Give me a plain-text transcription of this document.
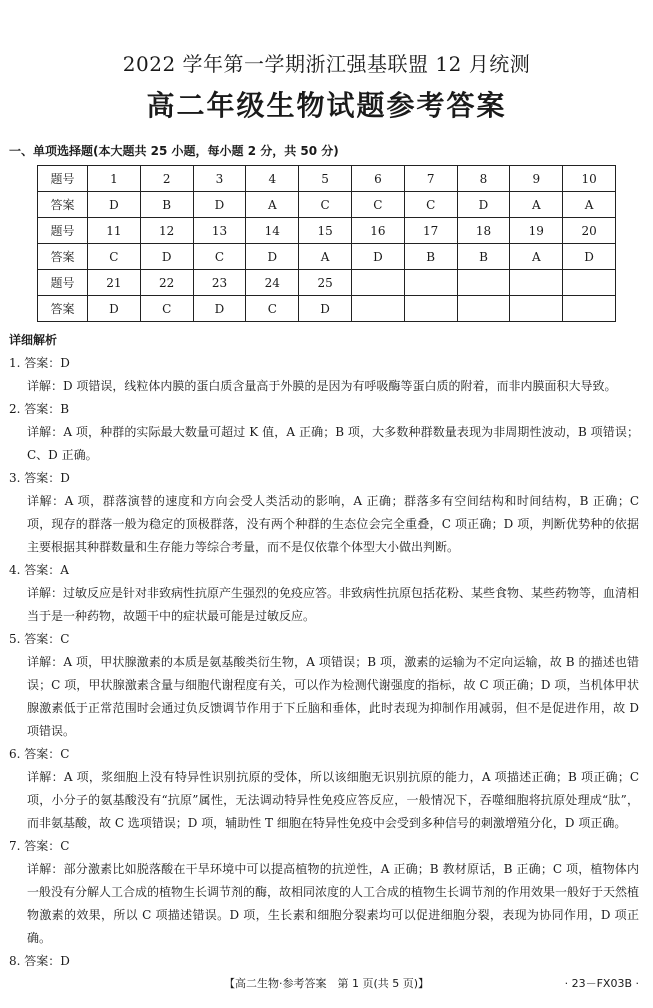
2022 学年第一学期浙江强基联盟 12 月统测
高二年级生物试题参考答案
一、单项选择题(本大题共 25 小题，每小题 2 分，共 50 分)
题号	1	2	3	4	5	6	7	8	9	10
答案	D	B	D	A	C	C	C	D	A	A
题号	11	12	13	14	15	16	17	18	19	20
答案	C	D	C	D	A	D	B	B	A	D
题号	21	22	23	24	25					
答案	D	C	D	C	D					
详细解析
1. 答案：D
详解：D 项错误，线粒体内膜的蛋白质含量高于外膜的是因为有呼吸酶等蛋白质的附着，而非内膜面积大导致。
2. 答案：B
详解：A 项，种群的实际最大数量可超过 K 值，A 正确；B 项，大多数种群数量表现为非周期性波动，B 项错误；C、D 正确。
3. 答案：D
详解：A 项，群落演替的速度和方向会受人类活动的影响，A 正确；群落多有空间结构和时间结构，B 正确；C 项，现存的群落一般为稳定的顶极群落，没有两个种群的生态位会完全重叠，C 项正确；D 项，判断优势种的依据主要根据其种群数量和生存能力等综合考量，而不是仅依靠个体型大小做出判断。
4. 答案：A
详解：过敏反应是针对非致病性抗原产生强烈的免疫应答。非致病性抗原包括花粉、某些食物、某些药物等，血清相当于是一种药物，故题干中的症状最可能是过敏反应。
5. 答案：C
详解：A 项，甲状腺激素的本质是氨基酸类衍生物，A 项错误；B 项，激素的运输为不定向运输，故 B 的描述也错误；C 项，甲状腺激素含量与细胞代谢程度有关，可以作为检测代谢强度的指标，故 C 项正确；D 项，当机体甲状腺激素低于正常范围时会通过负反馈调节作用于下丘脑和垂体，此时表现为抑制作用减弱，但不是促进作用，故 D 项错误。
6. 答案：C
详解：A 项，浆细胞上没有特异性识别抗原的受体，所以该细胞无识别抗原的能力，A 项描述正确；B 项正确；C 项，小分子的氨基酸没有“抗原”属性，无法调动特异性免疫应答反应，一般情况下，吞噬细胞将抗原处理成“肽”，而非氨基酸，故 C 选项错误；D 项，辅助性 T 细胞在特异性免疫中会受到多种信号的刺激增殖分化，D 项正确。
7. 答案：C
详解：部分激素比如脱落酸在干旱环境中可以提高植物的抗逆性，A 正确；B 教材原话，B 正确；C 项，植物体内一般没有分解人工合成的植物生长调节剂的酶，故相同浓度的人工合成的植物生长调节剂的作用效果一般好于天然植物激素的效果，所以 C 项描述错误。D 项，生长素和细胞分裂素均可以促进细胞分裂，表现为协同作用，D 项正确。
8. 答案：D
【高二生物·参考答案　第 1 页(共 5 页)】	· 23－FX03B ·
